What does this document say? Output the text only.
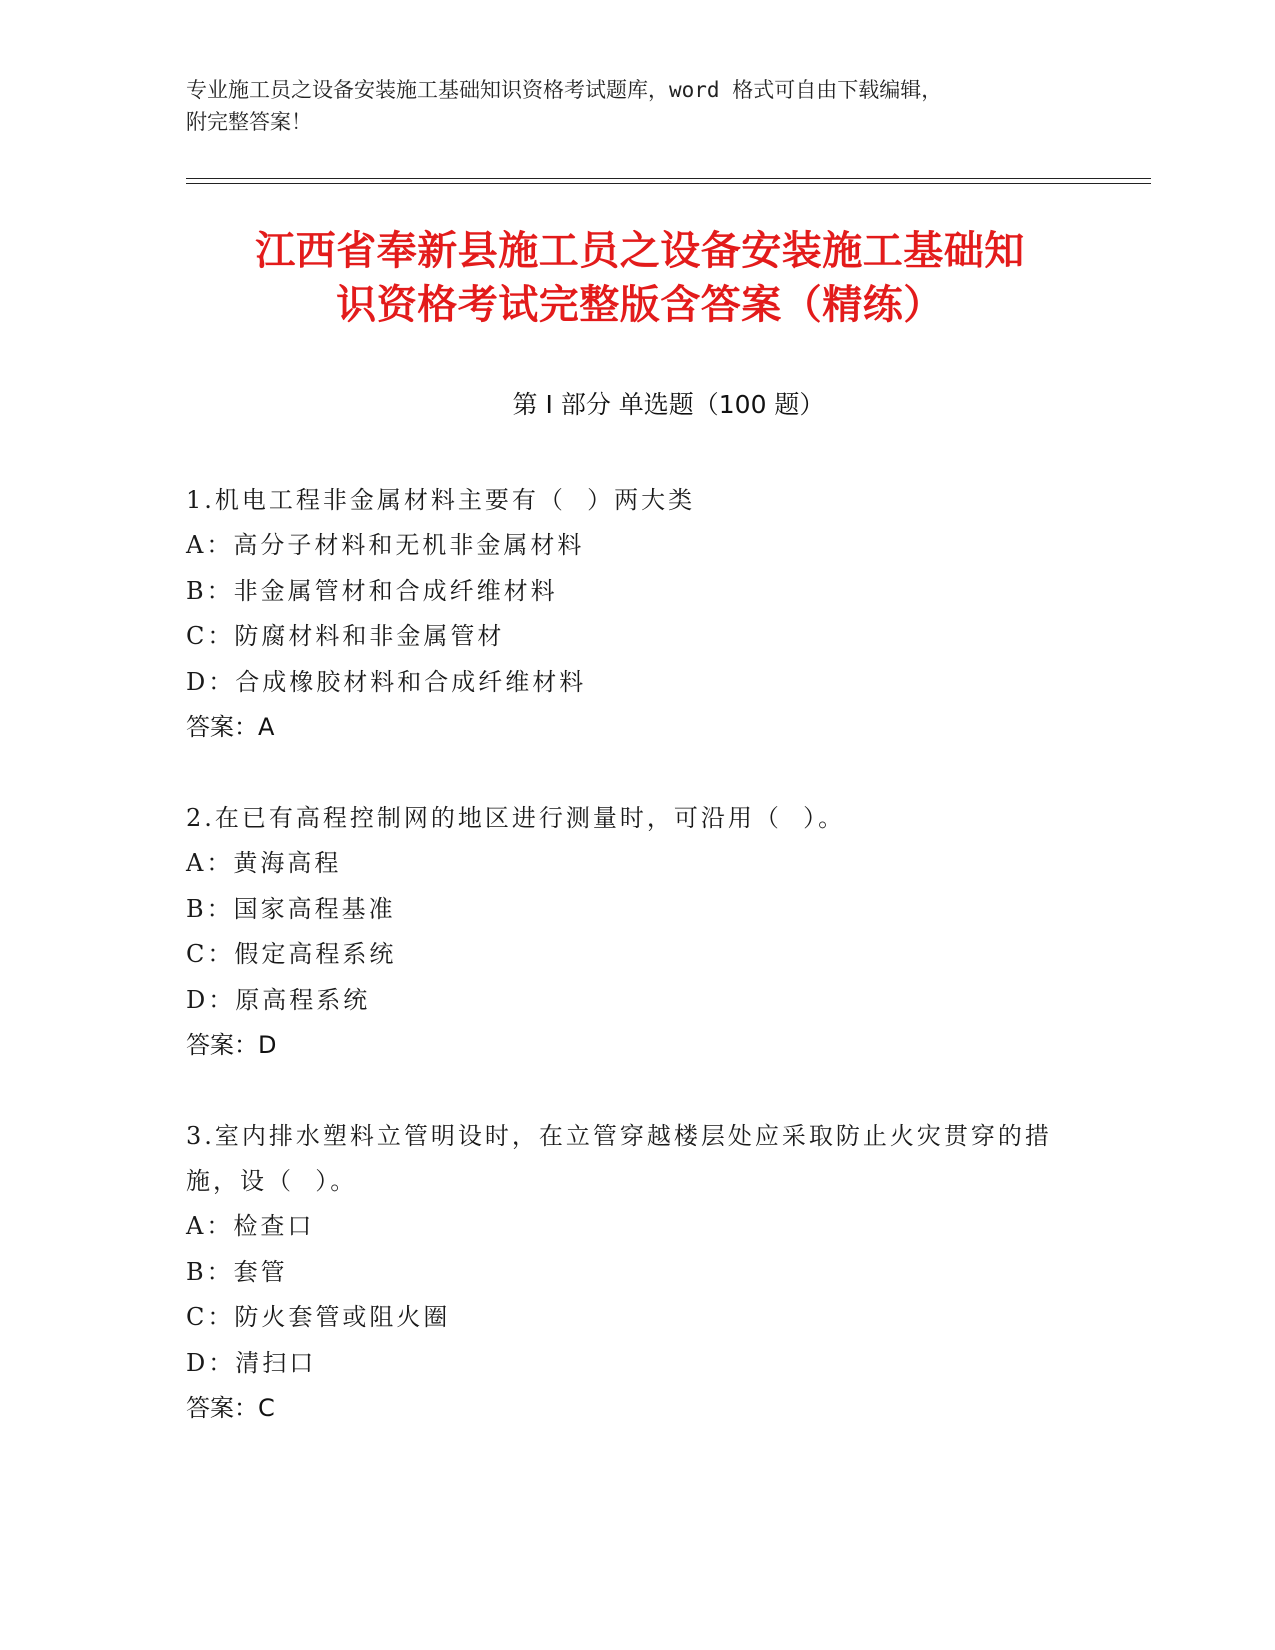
专业施工员之设备安装施工基础知识资格考试题库，word 格式可自由下载编辑，
附完整答案！
江西省奉新县施工员之设备安装施工基础知
识资格考试完整版含答案（精练）
第 I 部分 单选题（100 题）
1.机电工程非金属材料主要有（  ）两大类
A：高分子材料和无机非金属材料
B：非金属管材和合成纤维材料
C：防腐材料和非金属管材
D：合成橡胶材料和合成纤维材料
答案：A
2.在已有高程控制网的地区进行测量时，可沿用（  ）。
A：黄海高程
B：国家高程基准
C：假定高程系统
D：原高程系统
答案：D
3.室内排水塑料立管明设时，在立管穿越楼层处应采取防止火灾贯穿的措施，设（  ）。
A：检查口
B：套管
C：防火套管或阻火圈
D：清扫口
答案：C
